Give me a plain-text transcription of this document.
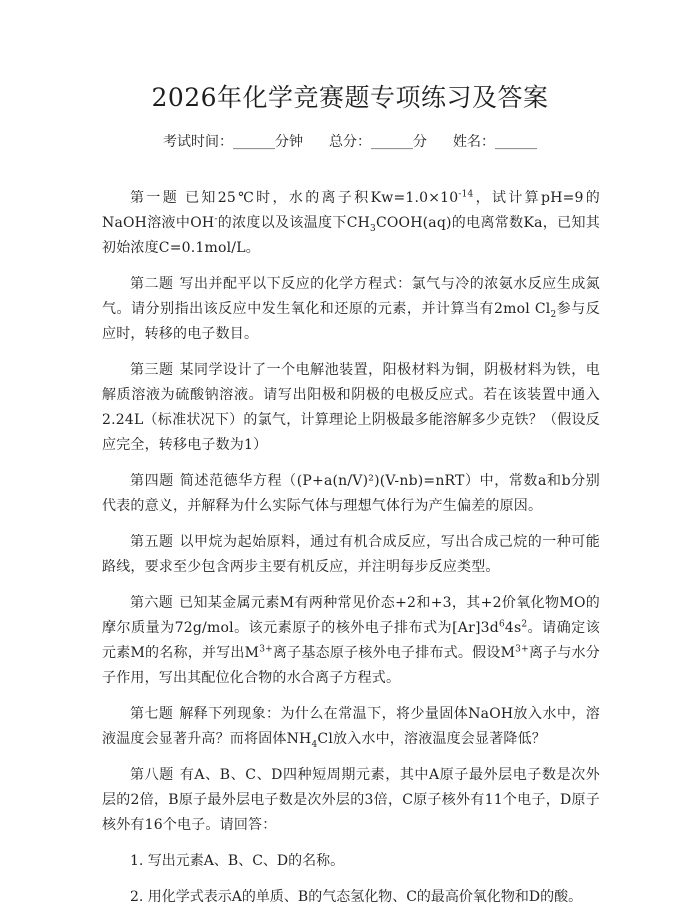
2026年化学竞赛题专项练习及答案
考试时间：______分钟 总分：______分 姓名：______

第一题 已知25℃时，水的离子积$Kw=1.0\times 10^{-14}$，试计算pH=9的NaOH溶液中OH-的浓度以及该温度下$CH_3COOH(aq)$的电离常数Ka，已知其初始浓度C=0.1mol/L。

第二题 写出并配平以下反应的化学方程式：氯气与冷的浓氨水反应生成氮气。请分别指出该反应中发生氧化和还原的元素，并计算当有2mol $Cl_2$参与反应时，转移的电子数目。

第三题 某同学设计了一个电解池装置，阳极材料为铜，阴极材料为铁，电解质溶液为硫酸钠溶液。请写出阳极和阴极的电极反应式。若在该装置中通入2.24L（标准状况下）的氯气，计算理论上阴极最多能溶解多少克铁？（假设反应完全，转移电子数为1）

第四题 简述范德华方程（(P+a(n/V)²)(V-nb)=nRT）中，常数a和b分别代表的意义，并解释为什么实际气体与理想气体行为产生偏差的原因。

第五题 以甲烷为起始原料，通过有机合成反应，写出合成己烷的一种可能路线，要求至少包含两步主要有机反应，并注明每步反应类型。

第六题 已知某金属元素M有两种常见价态+2和+3，其+2价氧化物MO的摩尔质量为72g/mol。该元素原子的核外电子排布式为$[Ar]3d^64s^2$。请确定该元素M的名称，并写出$M^{3+}$离子基态原子核外电子排布式。假设$M^{3+}$离子与水分子作用，写出其配位化合物的水合离子方程式。

第七题 解释下列现象：为什么在常温下，将少量固体NaOH放入水中，溶液温度会显著升高？而将固体$NH_4Cl$放入水中，溶液温度会显著降低？

第八题 有A、B、C、D四种短周期元素，其中A原子最外层电子数是次外层的2倍，B原子最外层电子数是次外层的3倍，C原子核外有11个电子，D原子核外有16个电子。请回答：

1. 写出元素A、B、C、D的名称。

2. 用化学式表示A的单质、B的气态氢化物、C的最高价氧化物和D的酸。
